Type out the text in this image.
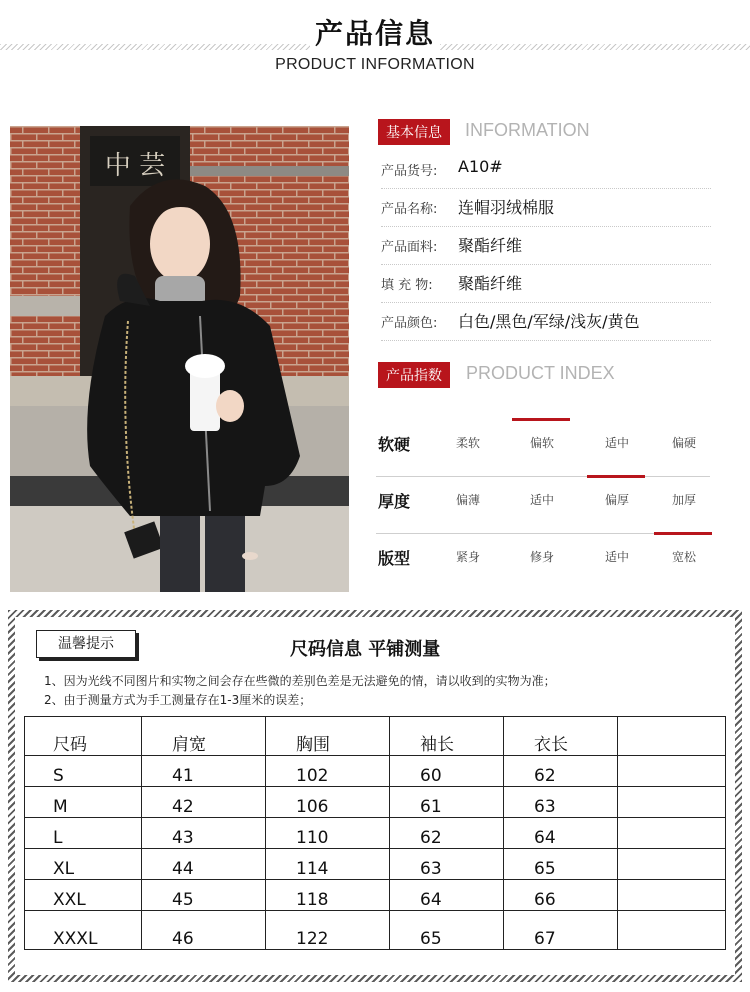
产品信息
PRODUCT INFORMATION
中 芸
基本信息	INFORMATION
产品货号: A10#
产品名称: 连帽羽绒棉服
产品面料: 聚酯纤维
填 充 物: 聚酯纤维
产品颜色: 白色/黑色/军绿/浅灰/黄色
产品指数	PRODUCT INDEX
软硬	柔软	偏软	适中	偏硬
厚度	偏薄	适中	偏厚	加厚
版型	紧身	修身	适中	宽松
温馨提示	尺码信息 平铺测量
1、因为光线不同图片和实物之间会存在些微的差别色差是无法避免的情，请以收到的实物为准；
2、由于测量方式为手工测量存在1-3厘米的误差；
尺码	肩宽	胸围	袖长	衣长	
S	41	102	60	62	
M	42	106	61	63	
L	43	110	62	64	
XL	44	114	63	65	
XXL	45	118	64	66	
XXXL	46	122	65	67	
